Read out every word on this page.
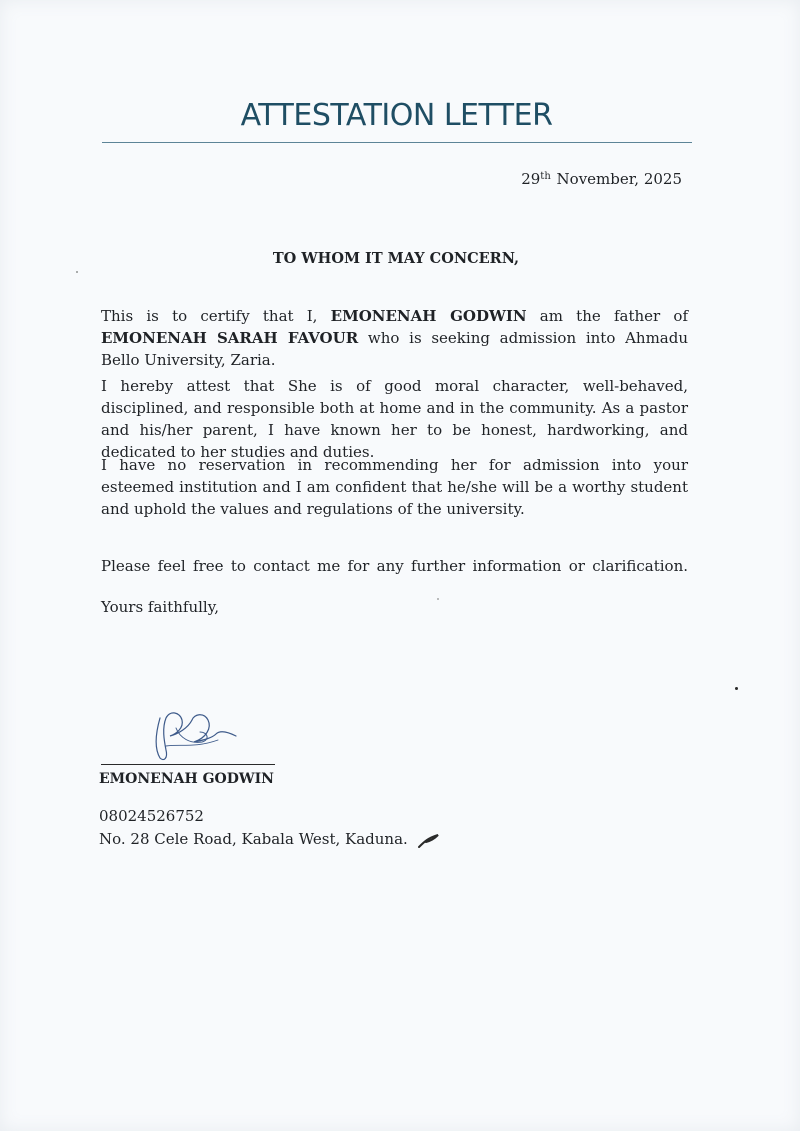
ATTESTATION LETTER
29th November, 2025
TO WHOM IT MAY CONCERN,
This is to certify that I, EMONENAH GODWIN am the father of EMONENAH SARAH FAVOUR who is seeking admission into Ahmadu Bello University, Zaria.
I hereby attest that She is of good moral character, well-behaved, disciplined, and responsible both at home and in the community. As a pastor and his/her parent, I have known her to be honest, hardworking, and dedicated to her studies and duties.
I have no reservation in recommending her for admission into your esteemed institution and I am confident that he/she will be a worthy student and uphold the values and regulations of the university.
Please feel free to contact me for any further information or clarification.
Yours faithfully,
EMONENAH GODWIN
08024526752
No. 28 Cele Road, Kabala West, Kaduna.
